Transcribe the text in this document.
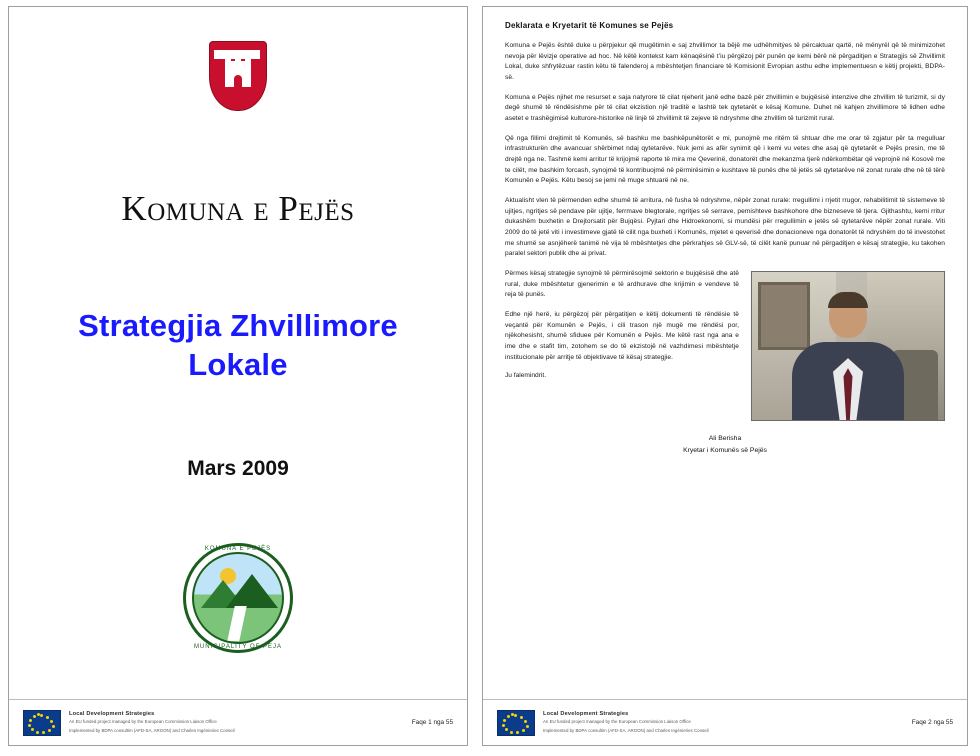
Komuna e Pejës
Strategjia Zhvillimore
Lokale
Mars 2009
KOMUNA E PEJËS
MUNICIPALITY OF PEJA
Local Development Strategies
An EU funded project managed by the European Commission Liaison Office
Implemented by BDPA consultim (AFD-SA, ARGON) and Charles Ingénieries Conseil
Faqe 1 nga 55
Deklarata e Kryetarit të Komunes se Pejës

Komuna e Pejës është duke u përpjekur që mugëtimin e saj zhvillimor ta bëjë me udhëhmitýes të përcaktuar qartë, në mënyrël që të minimizohet nevoja për lëvizje operative ad hoc. Në këtë kontekst kam kënaqësinë t'iu përgëzoj për punën qe kemi bërë në përgaditjen e Strategjis së Zhvillimit Lokal, duke shfrytëzuar rastin këtu të falenderoj a mbështetjen financiare të Komisionit Evropian asthu edhe implementuesn e këtij projekti, BDPA-së.

Komuna e Pejës njihet me resurset e saja natyrore të cilat njeherit janë edhe bazë për zhvillimin e bujqësisë intenzive dhe zhvillim të turizmit, si dy degë shumë të rëndësishme për të cilat ekzistion një traditë e lashtë tek qytetarët e kësaj Komune. Duhet në kahjen zhvillimore të lidhen edhe asetet e trashëgimisë kulturore-historike në linjë të zhvillimit të zejeve të ndryshme dhe zhvillim të turizmit rural.

Që nga fillimi drejtimit të Komunës, së bashku me bashkëpunëtorët e mi, punojmë me ritëm të shtuar dhe me orar të zgjatur për ta rregulluar infrastrukturën dhe avancuar shërbimet ndaj qytetarëve. Nuk jemi as afër synimit që i kemi vu vetes dhe asaj që qytetarët e Pejës presin, me të drejtë nga ne. Tashmë kemi arritur të krijojmë raporte të mira me Qeverinë, donatorët dhe mekanzma tjerë ndërkombëtar që veprojnë në Kosovë me te cilët, me bashkim forcash, synojmë të kontribuojmë në përmirësimin e kushtave të punës dhe të jetës së qytetarëve në zonat rurale dhe në të tërë Komunën e Pejës. Këtu besoj se jemi në muge shtuarë në ne.

Aktualisht vlen të përmenden edhe shumë të arritura, në fusha të ndryshme, nëpër zonat rurale: rregullimi i rrjetit rrugor, rehabilitimit të sistemeve të ujitjes, ngritjes së pendave për ujitje, ferrmave blegtorale, ngritjes së serrave, pemishteve bashkohore dhe bizneseve të tjera. Gjithashtu, kemi rritur dukashëm buxhetin e Drejtorsatit për Bujqësi. Pyjtari dhe Hidroekonomi, si mundësi për rregullimin e jetës së qytetarëve nëpër zonat rurale. Viti 2009 do të jetë viti i investimeve gjatë të cilit nga buxheti i Komunës, mjetet e qeverisë dhe donacioneve nga donatorët të ndryshëm do të investohet me shumë se asnjëherë tanimë në vija të mbështetjes dhe përkrahjes së GLV-së, të cilët kanë punuar në përgaditjen e kësaj strategjie, ku takohen paralel sektori publik dhe ai privat.

Përmes kësaj strategjie synojmë të përmirësojmë sektorin e bujqësisë dhe atë rural, duke mbështetur gjenerimin e të ardhurave dhe krijimin e vendeve të reja të punës.

Edhe një herë, iu përgëzoj për përgatitjen e këtij dokumenti të rëndësie të veçantë për Komunën e Pejës, i cili trason një mugë me rëndësi por, njëkohesisht, shumë sfiduee për Komunën e Pejës. Me këtë rast nga ana e ime dhe e stafit tim, zotohem se do të ekzistojë në vazhdimesi mbështetje institucionale për arritje të objektivave të kësaj strategjie.

Ju falemindrit.

Ali Berisha
Kryetar i Komunës së Pejës
Local Development Strategies
An EU funded project managed by the European Commission Liaison Office
Implemented by BDPA consultim (AFD-SA, ARGON) and Charles Ingénieries Conseil
Faqe 2 nga 55
